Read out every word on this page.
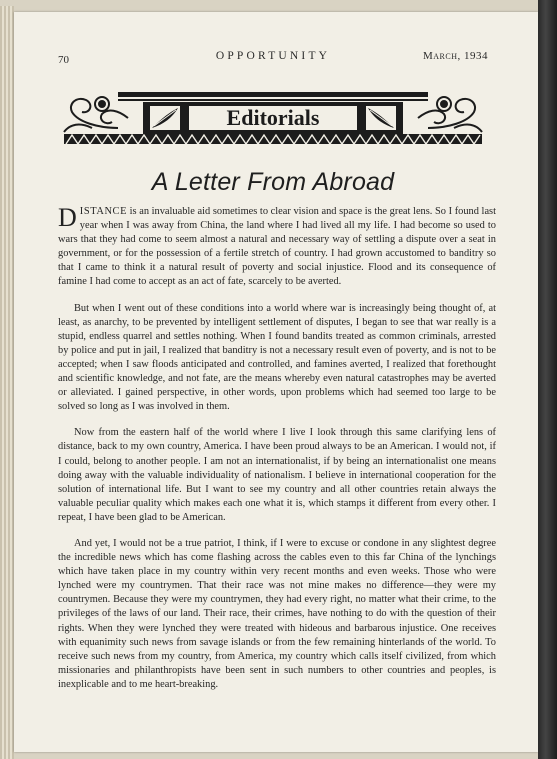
70	OPPORTUNITY	March, 1934
Editorials
A Letter From Abroad

DISTANCE is an invaluable aid sometimes to clear vision and space is the great lens. So I found last year when I was away from China, the land where I had lived all my life. I had become so used to wars that they had come to seem almost a natural and necessary way of settling a dispute over a seat in government, or for the possession of a fertile stretch of country. I had grown accustomed to banditry so that I came to think it a natural result of poverty and social injustice. Flood and its consequence of famine I had come to accept as an act of fate, scarcely to be averted.

But when I went out of these conditions into a world where war is increasingly being thought of, at least, as anarchy, to be prevented by intelligent settlement of disputes, I began to see that war really is a stupid, endless quarrel and settles nothing. When I found bandits treated as common criminals, arrested by police and put in jail, I realized that banditry is not a necessary result even of poverty, and is not to be accepted; when I saw floods anticipated and controlled, and famines averted, I realized that forethought and scientific knowledge, and not fate, are the means whereby even natural catastrophes may be averted or alleviated. I gained perspective, in other words, upon problems which had seemed too large to be solved so long as I was involved in them.

Now from the eastern half of the world where I live I look through this same clarifying lens of distance, back to my own country, America. I have been proud always to be an American. I would not, if I could, belong to another people. I am not an internationalist, if by being an internationalist one means doing away with the valuable individuality of nationalism. I believe in international cooperation for the solution of international life. But I want to see my country and all other countries retain always the valuable peculiar quality which makes each one what it is, which stamps it different from every other. I repeat, I have been glad to be American.

And yet, I would not be a true patriot, I think, if I were to excuse or condone in any slightest degree the incredible news which has come flashing across the cables even to this far China of the lynchings which have taken place in my country within very recent months and even weeks. Those who were lynched were my countrymen. That their race was not mine makes no difference—they were my countrymen. Because they were my countrymen, they had every right, no matter what their crime, to the privileges of the laws of our land. Their race, their crimes, have nothing to do with the question of their rights. When they were lynched they were treated with hideous and barbarous injustice. One receives with equanimity such news from savage islands or from the few remaining hinterlands of the world. To receive such news from my country, from America, my country which calls itself civilized, from which missionaries and philanthropists have been sent in such numbers to other countries and peoples, is inexplicable and to me heart-breaking.
